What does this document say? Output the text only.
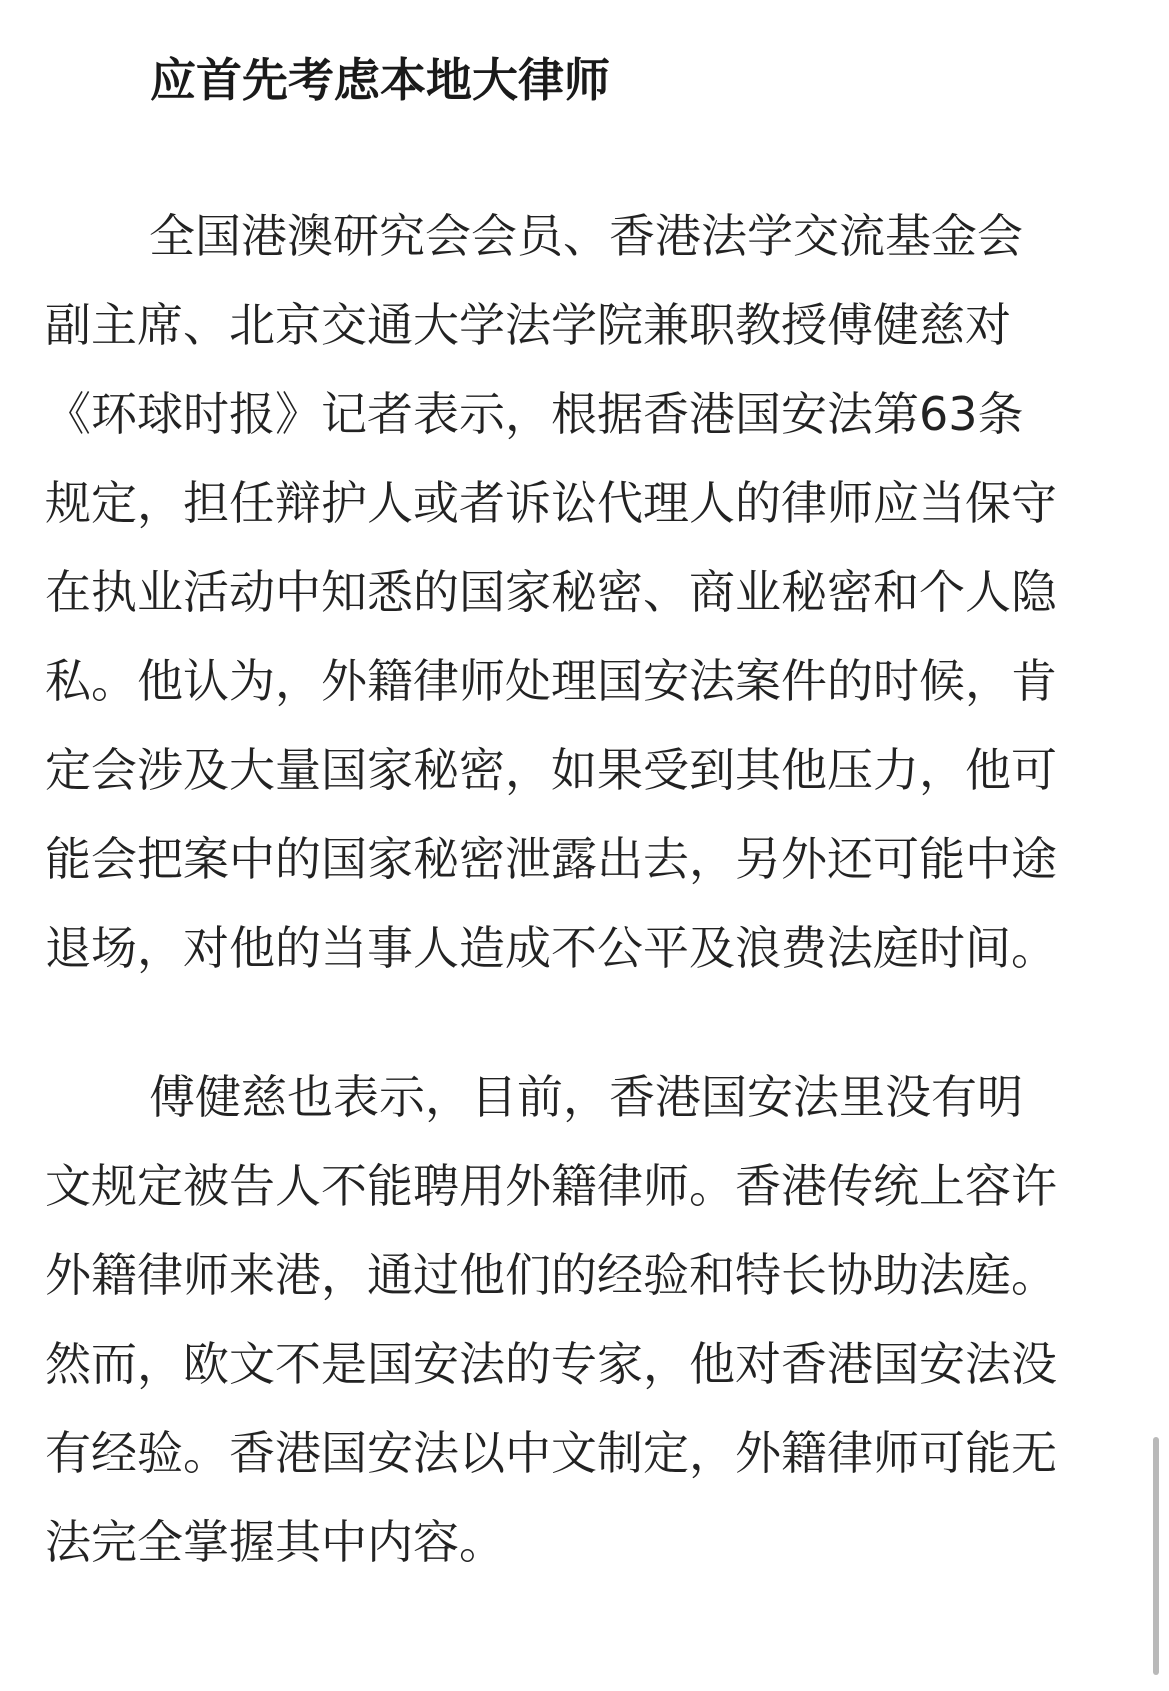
应首先考虑本地大律师

全国港澳研究会会员、香港法学交流基金会
副主席、北京交通大学法学院兼职教授傅健慈对
《环球时报》记者表示，根据香港国安法第63条
规定，担任辩护人或者诉讼代理人的律师应当保守
在执业活动中知悉的国家秘密、商业秘密和个人隐
私。他认为，外籍律师处理国安法案件的时候，肯
定会涉及大量国家秘密，如果受到其他压力，他可
能会把案中的国家秘密泄露出去，另外还可能中途
退场，对他的当事人造成不公平及浪费法庭时间。

傅健慈也表示，目前，香港国安法里没有明
文规定被告人不能聘用外籍律师。香港传统上容许
外籍律师来港，通过他们的经验和特长协助法庭。
然而，欧文不是国安法的专家，他对香港国安法没
有经验。香港国安法以中文制定，外籍律师可能无
法完全掌握其中内容。
